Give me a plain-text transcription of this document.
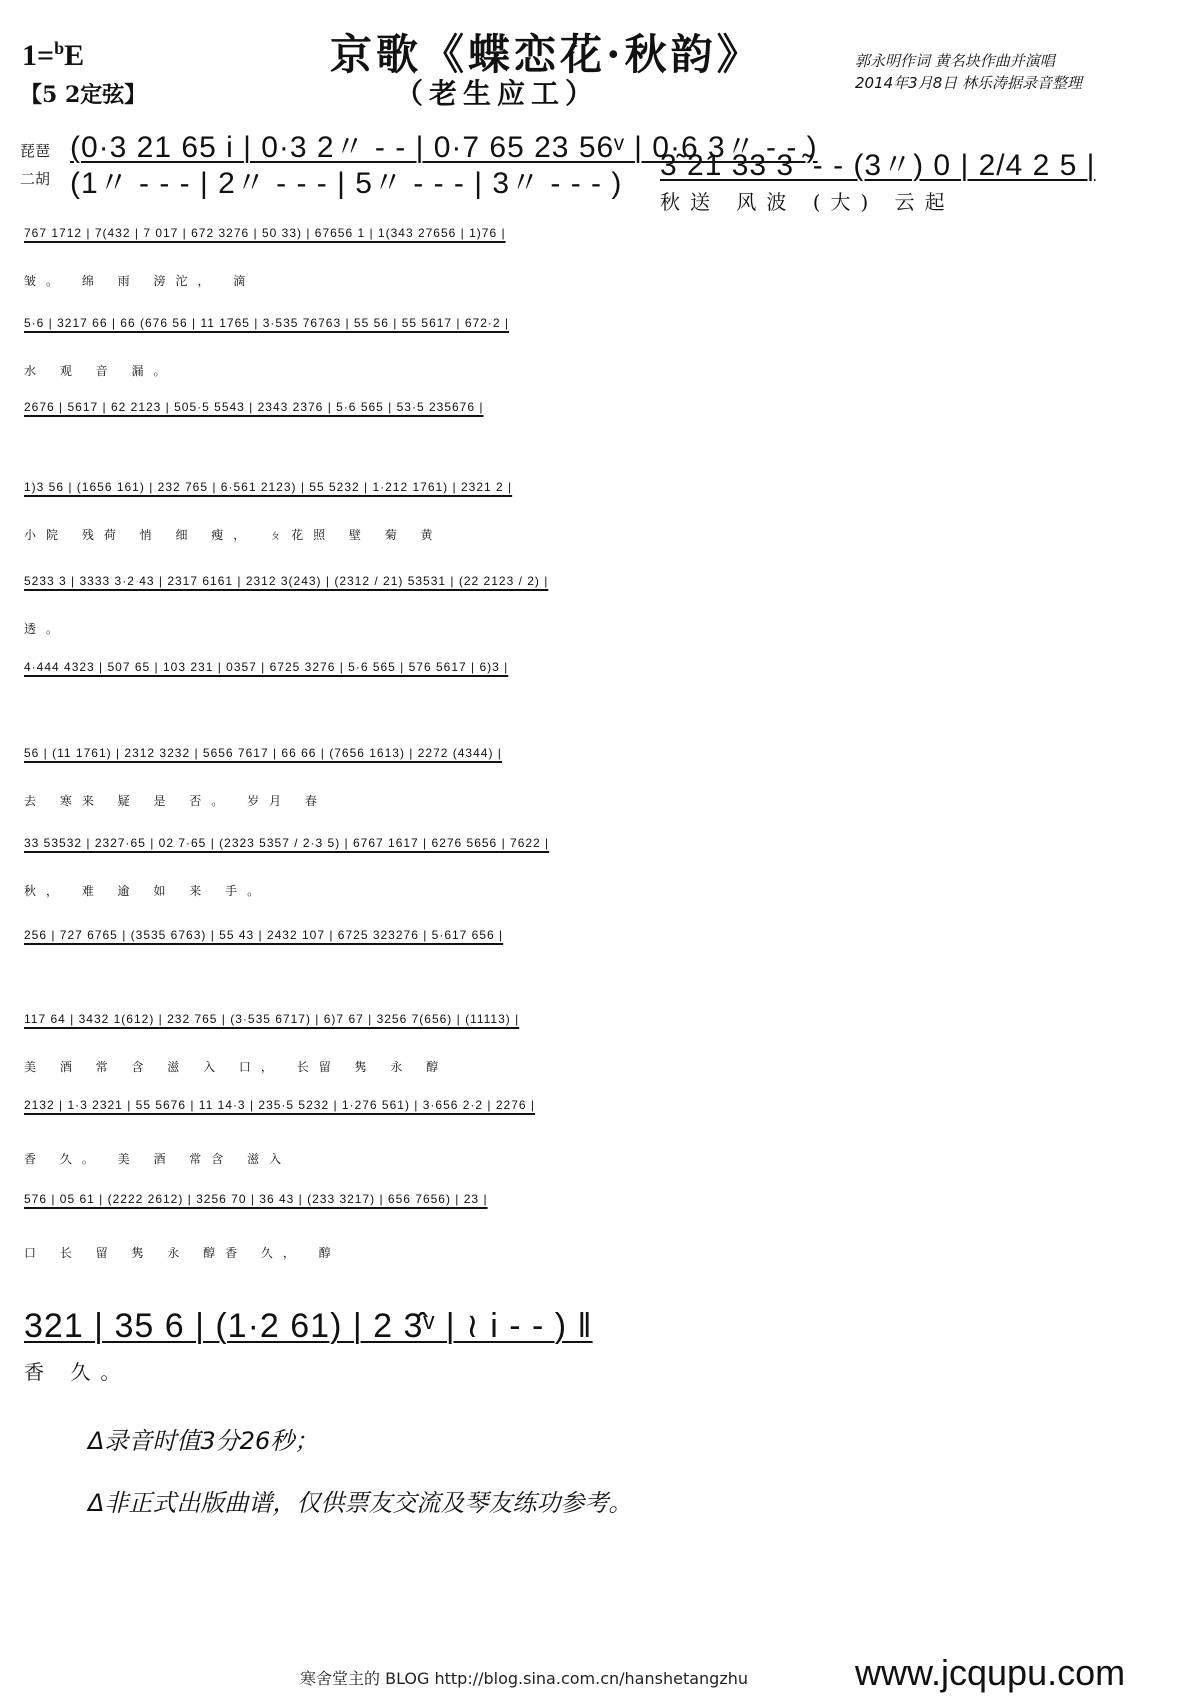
1=$^b$E
【5 2定弦】
京歌《蝶恋花·秋韵》
（老生应工）
郭永明作词 黄名块作曲并演唱
2014年3月8日 林乐涛据录音整理
琵琶
二胡
(0·3 21 65 i | 0·3 2〃 - - | 0·7 65 23 56ᵛ | 0·6 3〃 - - )
(1〃 - - - | 2〃 - - - | 5〃 - - - | 3〃 - - - )
3̃ 21 33 3 ̃ - - (3〃) 0 | 2/4 2 5 |
秋送 风波 (大) 云起
767 1712 | 7(432 | 7 017 | 672 3276 | 50 33) | 67656 1 | 1(343 27656 | 1)76 |
皱。 绵 雨 滂沱， 滴
5·6 | 3217 66 | 66 (676 56 | 11 1765 | 3·535 76763 | 55 56 | 55 5617 | 672·2 |
水 观 音 漏。
2676 | 5617 | 62 2123 | 505·5 5543 | 2343 2376 | 5·6 565 | 53·5 235676 |
1)3 56 | (1656 161) | 232 765 | 6·561 2123) | 55 5232 | 1·212 1761) | 2321 2 |
小院 残荷 悄 细 瘦， ㄆ花照 壁 菊 黄
5233 3 | 3333 3·2 43 | 2317 6161 | 2312 3(243) | (2312 / 21) 53531 | (22 2123 / 2) |
透。
4·444 4323 | 507 65 | 103 231 | 0357 | 6725 3276 | 5·6 565 | 576 5617 | 6)3 |
56 | (11 1761) | 2312 3232 | 5656 7617 | 66 66 | (7656 1613) | 2272 (4344) |
去 寒来 疑 是 否。 岁月 春
33 53532 | 2327·65 | 02 7·65 | (2323 5357 / 2·3 5) | 6767 1617 | 6276 5656 | 7622 |
秋， 难 逾 如 来 手。
256 | 727 6765 | (3535 6763) | 55 43 | 2432 107 | 6725 323276 | 5·617 656 |
117 64 | 3432 1(612) | 232 765 | (3·535 6717) | 6)7 67 | 3256 7(656) | (11113) |
美 酒 常 含 滋 入 口， 长留 隽 永 醇
2132 | 1·3 2321 | 55 5676 | 11 14·3 | 235·5 5232 | 1·276 561) | 3·656 2·2 | 2276 |
香 久。 美 酒 常含 滋入
576 | 05 61 | (2222 2612) | 3256 70 | 36 43 | (233 3217) | 656 7656) | 23 |
口 长 留 隽 永 醇香 久， 醇
321 | 35 6 | (1·2 61) | 2 3̂ᵛ | ≀ i - - ) ‖
香 久。
Δ录音时值3分26秒；
Δ非正式出版曲谱，仅供票友交流及琴友练功参考。
寒舍堂主的 BLOG http://blog.sina.com.cn/hanshetangzhu	www.jcqupu.com
